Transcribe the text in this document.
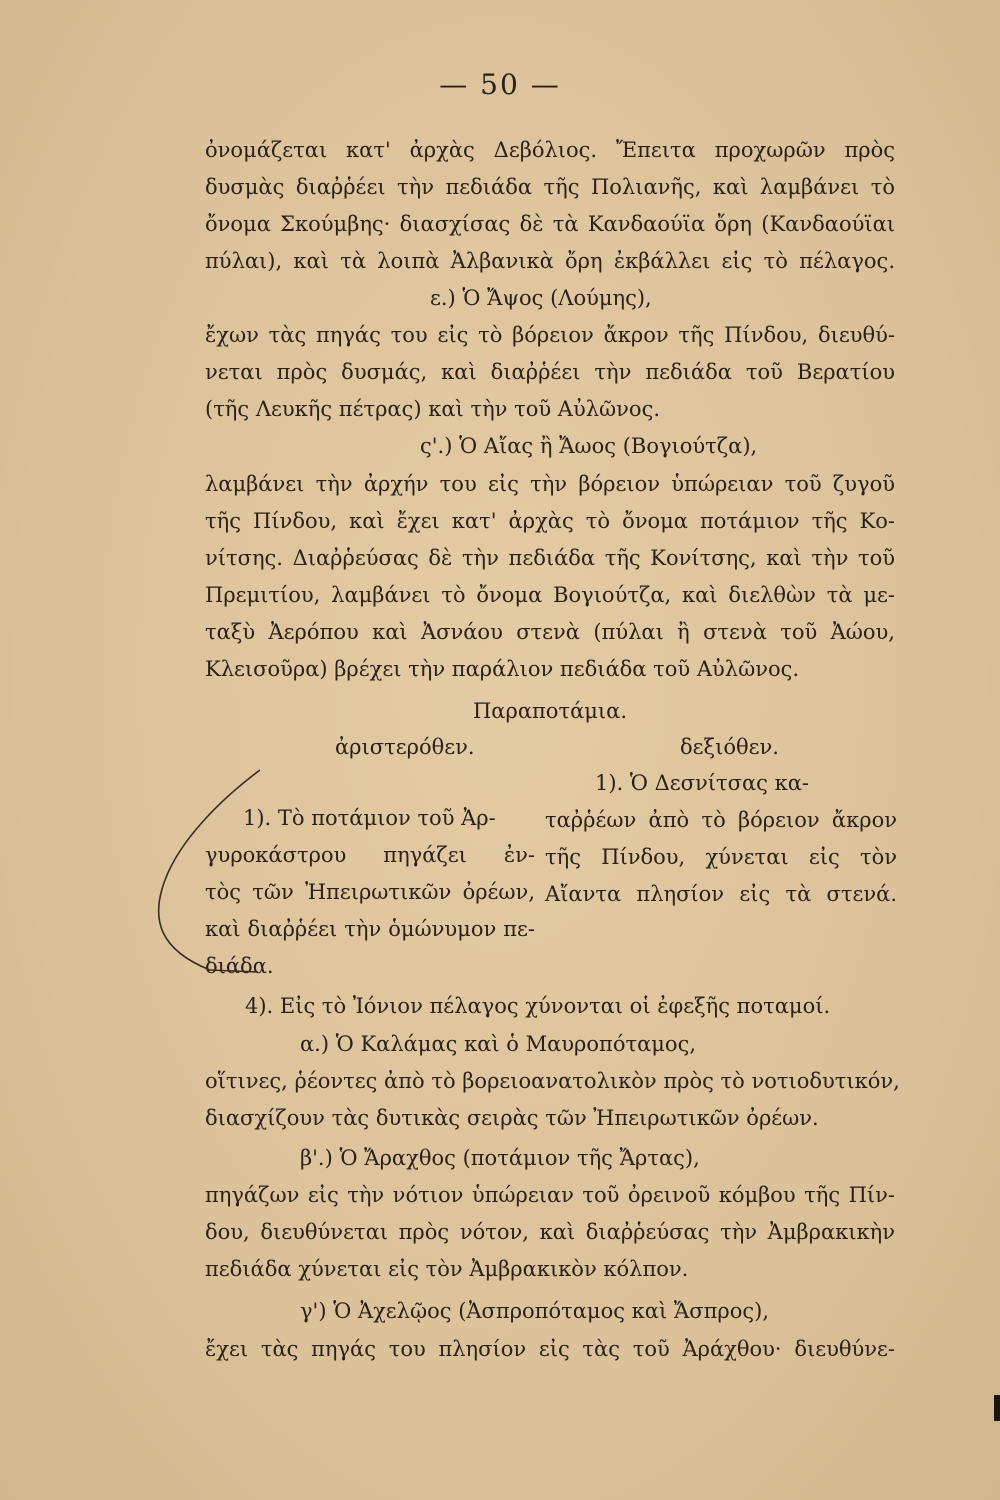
— 50 —
ὀνομάζεται κατ' ἀρχὰς Δεβόλιος. Ἔπειτα προχωρῶν πρὸς
δυσμὰς διαῤῥέει τὴν πεδιάδα τῆς Πολιανῆς, καὶ λαμβάνει τὸ
ὄνομα Σκούμβης· διασχίσας δὲ τὰ Κανδαούϊα ὄρη (Κανδαούϊαι
πύλαι), καὶ τὰ λοιπὰ Ἀλβανικὰ ὄρη ἐκβάλλει εἰς τὸ πέλαγος.
ε.) Ὁ Ἄψος (Λούμης),
ἔχων τὰς πηγάς του εἰς τὸ βόρειον ἄκρον τῆς Πίνδου, διευθύ-
νεται πρὸς δυσμάς, καὶ διαῤῥέει τὴν πεδιάδα τοῦ Βερατίου
(τῆς Λευκῆς πέτρας) καὶ τὴν τοῦ Αὐλῶνος.
ς'.) Ὁ Αἴας ἢ Ἄωος (Βογιούτζα),
λαμβάνει τὴν ἀρχήν του εἰς τὴν βόρειον ὑπώρειαν τοῦ ζυγοῦ
τῆς Πίνδου, καὶ ἔχει κατ' ἀρχὰς τὸ ὄνομα ποτάμιον τῆς Κο-
νίτσης. Διαῤῥεύσας δὲ τὴν πεδιάδα τῆς Κονίτσης, καὶ τὴν τοῦ
Πρεμιτίου, λαμβάνει τὸ ὄνομα Βογιούτζα, καὶ διελθὼν τὰ με-
ταξὺ Ἀερόπου καὶ Ἀσνάου στενὰ (πύλαι ἢ στενὰ τοῦ Ἀώου,
Κλεισοῦρα) βρέχει τὴν παράλιον πεδιάδα τοῦ Αὐλῶνος.
Παραποτάμια.
ἀριστερόθεν.	δεξιόθεν.
1). Τὸ ποτάμιον τοῦ Ἀρ-
γυροκάστρου πηγάζει ἐν-
τὸς τῶν Ἠπειρωτικῶν ὀρέων,
καὶ διαῤῥέει τὴν ὁμώνυμον πε-
διάδα.
1). Ὁ Δεσνίτσας κα-
ταῤῥέων ἀπὸ τὸ βόρειον ἄκρον
τῆς Πίνδου, χύνεται εἰς τὸν
Αἴαντα πλησίον εἰς τὰ στενά.
4). Εἰς τὸ Ἰόνιον πέλαγος χύνονται οἱ ἐφεξῆς ποταμοί.
α.) Ὁ Καλάμας καὶ ὁ Μαυροπόταμος,
οἵτινες, ῥέοντες ἀπὸ τὸ βορειοανατολικὸν πρὸς τὸ νοτιοδυτικόν,
διασχίζουν τὰς δυτικὰς σειρὰς τῶν Ἠπειρωτικῶν ὀρέων.
β'.) Ὁ Ἄραχθος (ποτάμιον τῆς Ἄρτας),
πηγάζων εἰς τὴν νότιον ὑπώρειαν τοῦ ὀρεινοῦ κόμβου τῆς Πίν-
δου, διευθύνεται πρὸς νότον, καὶ διαῤῥεύσας τὴν Ἀμβρακικὴν
πεδιάδα χύνεται εἰς τὸν Ἀμβρακικὸν κόλπον.
γ') Ὁ Ἀχελῷος (Ἀσπροπόταμος καὶ Ἄσπρος),
ἔχει τὰς πηγάς του πλησίον εἰς τὰς τοῦ Ἀράχθου· διευθύνε-
